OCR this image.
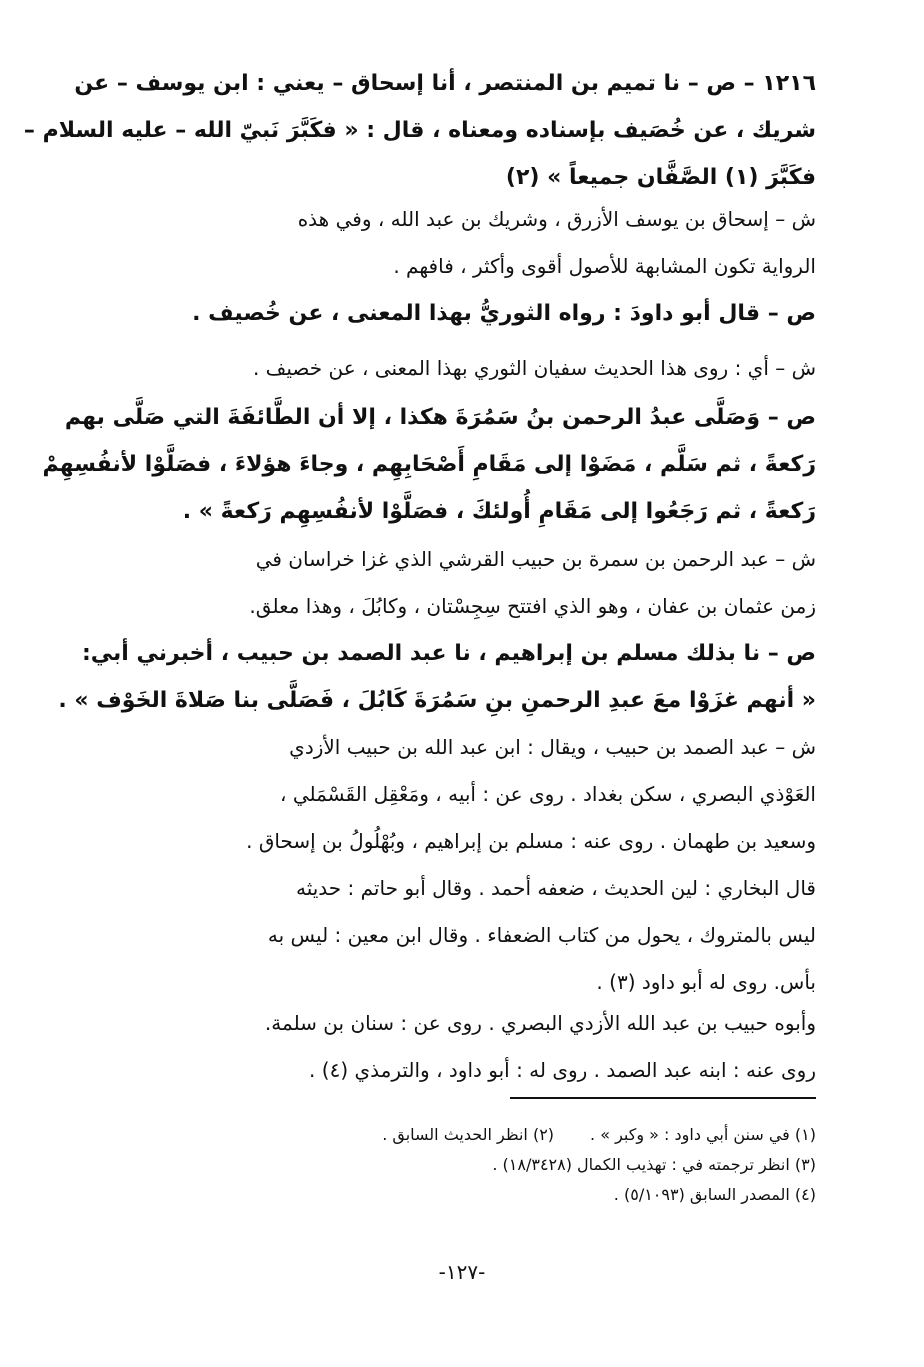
١٢١٦ – ص – نا تميم بن المنتصر ، أنا إسحاق – يعني : ابن يوسف – عن
شريك ، عن خُصَيف بإسناده ومعناه ، قال : « فكَبَّرَ نَبيّ الله – عليه السلام –
فكَبَّرَ (١) الصَّفَّان جميعاً » (٢)
ش – إسحاق بن يوسف الأزرق ، وشريك بن عبد الله ، وفي هذه
الرواية تكون المشابهة للأصول أقوى وأكثر ، فافهم .
ص – قال أبو داودَ : رواه الثوريُّ بهذا المعنى ، عن خُصيف .
ش – أي : روى هذا الحديث سفيان الثوري بهذا المعنى ، عن خصيف .
ص – وَصَلَّى عبدُ الرحمن بنُ سَمُرَةَ هكذا ، إلا أن الطَّائفَةَ التي صَلَّى بهم
رَكعةً ، ثم سَلَّم ، مَضَوْا إلى مَقَامِ أَصْحَابِهِم ، وجاءَ هؤلاءَ ، فصَلَّوْا لأنفُسِهِمْ
رَكعةً ، ثم رَجَعُوا إلى مَقَامِ أُولئكَ ، فصَلَّوْا لأنفُسِهِم رَكعةً » .
ش – عبد الرحمن بن سمرة بن حبيب القرشي الذي غزا خراسان في
زمن عثمان بن عفان ، وهو الذي افتتح سِجِسْتان ، وكابُلَ ، وهذا معلق.
ص – نا بذلك مسلم بن إبراهيم ، نا عبد الصمد بن حبيب ، أخبرني أبي:
« أنهم غزَوْا معَ عبدِ الرحمنِ بنِ سَمُرَةَ كَابُلَ ، فَصَلَّى بنا صَلاةَ الخَوْف » .
ش – عبد الصمد بن حبيب ، ويقال : ابن عبد الله بن حبيب الأزدي
العَوْذي البصري ، سكن بغداد . روى عن : أبيه ، ومَعْقِل القَسْمَلي ،
وسعيد بن طهمان . روى عنه : مسلم بن إبراهيم ، وبُهْلُولُ بن إسحاق .
قال البخاري : لين الحديث ، ضعفه أحمد . وقال أبو حاتم : حديثه
ليس بالمتروك ، يحول من كتاب الضعفاء . وقال ابن معين : ليس به
بأس. روى له أبو داود (٣) .
وأبوه حبيب بن عبد الله الأزدي البصري . روى عن : سنان بن سلمة.
روى عنه : ابنه عبد الصمد . روى له : أبو داود ، والترمذي (٤) .
(١) في سنن أبي داود : « وكبر » .
(٢) انظر الحديث السابق .
(٣) انظر ترجمته في : تهذيب الكمال (١٨/٣٤٢٨) .
(٤) المصدر السابق (٥/١٠٩٣) .
-١٢٧-
